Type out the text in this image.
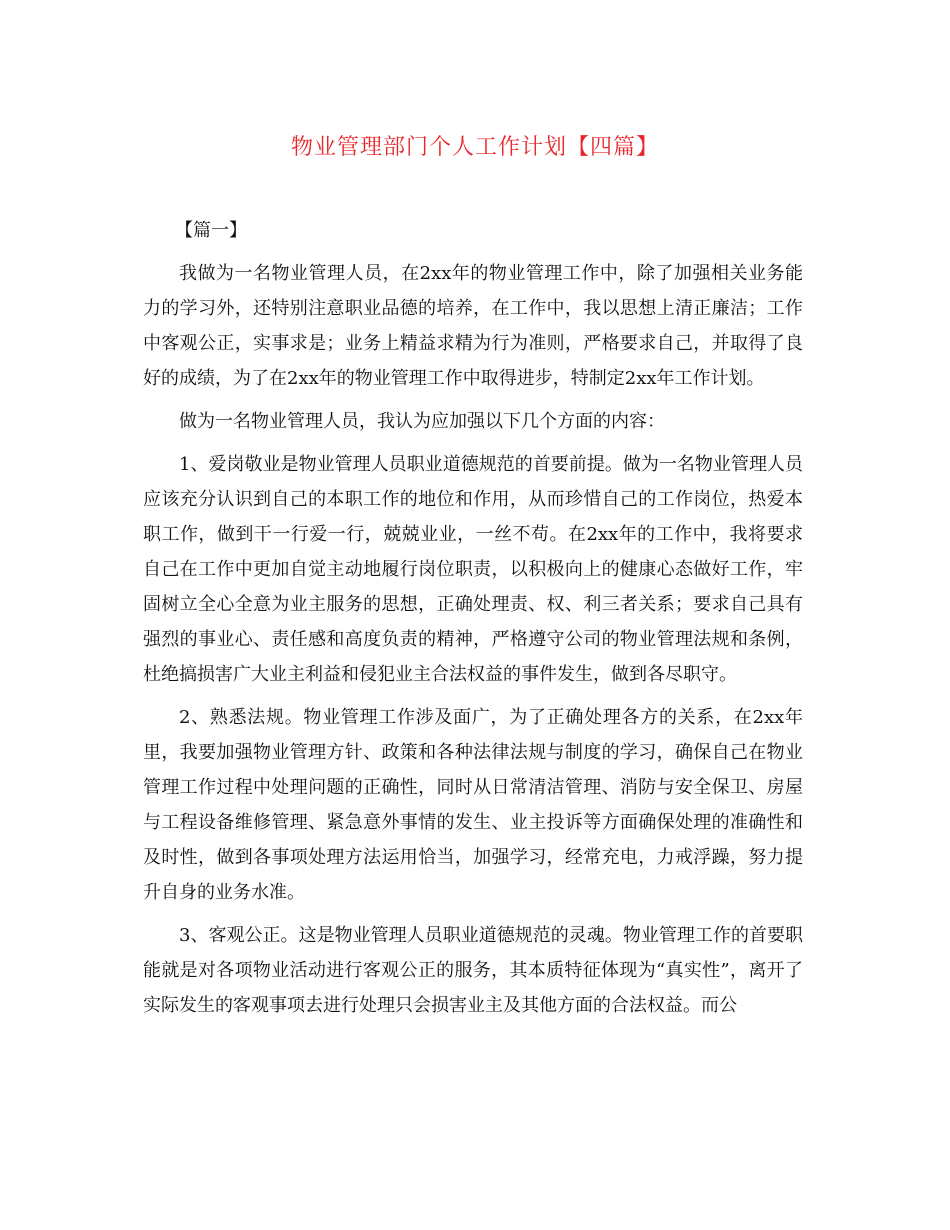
物业管理部门个人工作计划【四篇】
【篇一】

我做为一名物业管理人员，在2xx年的物业管理工作中，除了加强相关业务能力的学习外，还特别注意职业品德的培养，在工作中，我以思想上清正廉洁；工作中客观公正，实事求是；业务上精益求精为行为准则，严格要求自己，并取得了良好的成绩，为了在2xx年的物业管理工作中取得进步，特制定2xx年工作计划。

做为一名物业管理人员，我认为应加强以下几个方面的内容：

1、爱岗敬业是物业管理人员职业道德规范的首要前提。做为一名物业管理人员应该充分认识到自己的本职工作的地位和作用，从而珍惜自己的工作岗位，热爱本职工作，做到干一行爱一行，兢兢业业，一丝不苟。在2xx年的工作中，我将要求自己在工作中更加自觉主动地履行岗位职责，以积极向上的健康心态做好工作，牢固树立全心全意为业主服务的思想，正确处理责、权、利三者关系；要求自己具有强烈的事业心、责任感和高度负责的精神，严格遵守公司的物业管理法规和条例，杜绝搞损害广大业主利益和侵犯业主合法权益的事件发生，做到各尽职守。

2、熟悉法规。物业管理工作涉及面广，为了正确处理各方的关系，在2xx年里，我要加强物业管理方针、政策和各种法律法规与制度的学习，确保自己在物业管理工作过程中处理问题的正确性，同时从日常清洁管理、消防与安全保卫、房屋与工程设备维修管理、紧急意外事情的发生、业主投诉等方面确保处理的准确性和及时性，做到各事项处理方法运用恰当，加强学习，经常充电，力戒浮躁，努力提升自身的业务水准。

3、客观公正。这是物业管理人员职业道德规范的灵魂。物业管理工作的首要职能就是对各项物业活动进行客观公正的服务，其本质特征体现为“真实性”，离开了实际发生的客观事项去进行处理只会损害业主及其他方面的合法权益。而公
